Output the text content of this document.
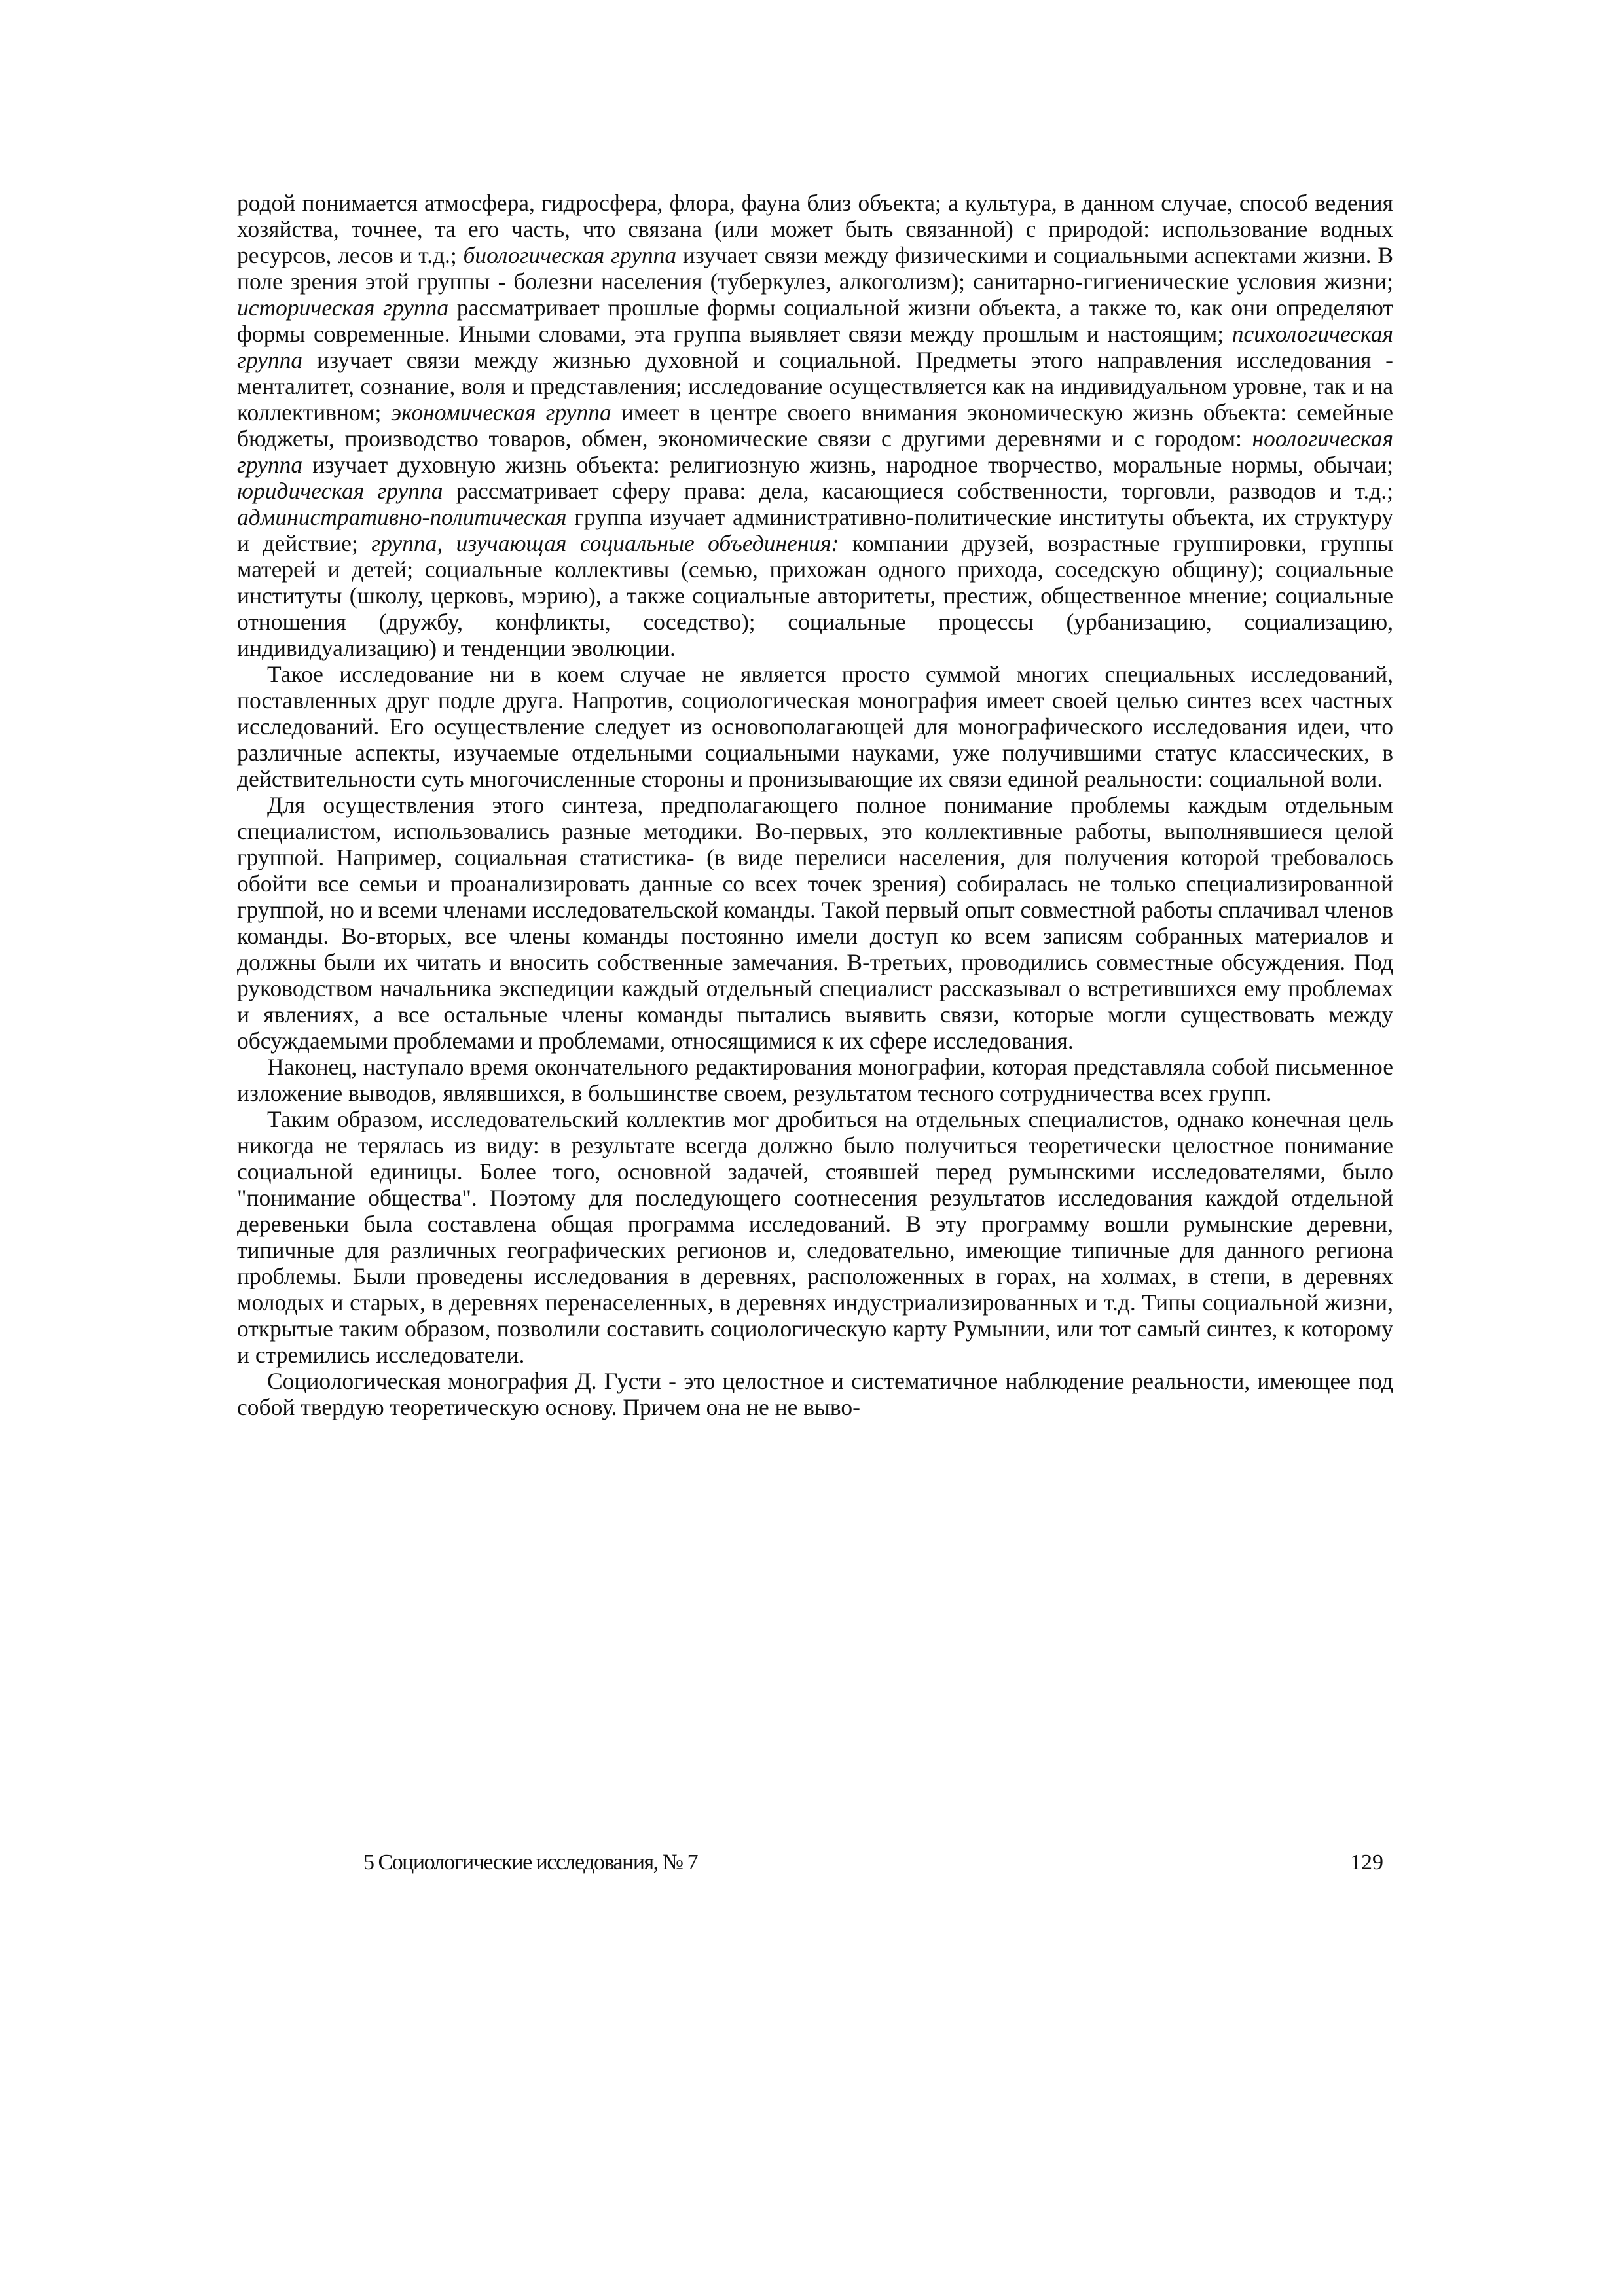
родой понимается атмосфера, гидросфера, флора, фауна близ объекта; а культура, в данном случае, способ ведения хозяйства, точнее, та его часть, что связана (или может быть связанной) с природой: использование водных ресурсов, лесов и т.д.; биологическая группа изучает связи между физическими и социальными аспектами жизни. В поле зрения этой группы - болезни населения (туберкулез, алкоголизм); санитарно-гигиенические условия жизни; историческая группа рассматривает прошлые формы социальной жизни объекта, а также то, как они определяют формы современные. Иными словами, эта группа выявляет связи между прошлым и настоящим; психологическая группа изучает связи между жизнью духовной и социальной. Предметы этого направления исследования - менталитет, сознание, воля и представления; исследование осуществляется как на индивидуальном уровне, так и на коллективном; экономическая группа имеет в центре своего внимания экономическую жизнь объекта: семейные бюджеты, производство товаров, обмен, экономические связи с другими деревнями и с городом: ноологическая группа изучает духовную жизнь объекта: религиозную жизнь, народное творчество, моральные нормы, обычаи; юридическая группа рассматривает сферу права: дела, касающиеся собственности, торговли, разводов и т.д.; административно-политическая группа изучает административно-политические институты объекта, их структуру и действие; группа, изучающая социальные объединения: компании друзей, возрастные группировки, группы матерей и детей; социальные коллективы (семью, прихожан одного прихода, соседскую общину); социальные институты (школу, церковь, мэрию), а также социальные авторитеты, престиж, общественное мнение; социальные отношения (дружбу, конфликты, соседство); социальные процессы (урбанизацию, социализацию, индивидуализацию) и тенденции эволюции.

Такое исследование ни в коем случае не является просто суммой многих специальных исследований, поставленных друг подле друга. Напротив, социологическая монография имеет своей целью синтез всех частных исследований. Его осуществление следует из основополагающей для монографического исследования идеи, что различные аспекты, изучаемые отдельными социальными науками, уже получившими статус классических, в действительности суть многочисленные стороны и пронизывающие их связи единой реальности: социальной воли.

Для осуществления этого синтеза, предполагающего полное понимание проблемы каждым отдельным специалистом, использовались разные методики. Во-первых, это коллективные работы, выполнявшиеся целой группой. Например, социальная статистика- (в виде перелиси населения, для получения которой требовалось обойти все семьи и проанализировать данные со всех точек зрения) собиралась не только специализированной группой, но и всеми членами исследовательской команды. Такой первый опыт совместной работы сплачивал членов команды. Во-вторых, все члены команды постоянно имели доступ ко всем записям собранных материалов и должны были их читать и вносить собственные замечания. В-третьих, проводились совместные обсуждения. Под руководством начальника экспедиции каждый отдельный специалист рассказывал о встретившихся ему проблемах и явлениях, а все остальные члены команды пытались выявить связи, которые могли существовать между обсуждаемыми проблемами и проблемами, относящимися к их сфере исследования.

Наконец, наступало время окончательного редактирования монографии, которая представляла собой письменное изложение выводов, являвшихся, в большинстве своем, результатом тесного сотрудничества всех групп.

Таким образом, исследовательский коллектив мог дробиться на отдельных специалистов, однако конечная цель никогда не терялась из виду: в результате всегда должно было получиться теоретически целостное понимание социальной единицы. Более того, основной задачей, стоявшей перед румынскими исследователями, было "понимание общества". Поэтому для последующего соотнесения результатов исследования каждой отдельной деревеньки была составлена общая программа исследований. В эту программу вошли румынские деревни, типичные для различных географических регионов и, следовательно, имеющие типичные для данного региона проблемы. Были проведены исследования в деревнях, расположенных в горах, на холмах, в степи, в деревнях молодых и старых, в деревнях перенаселенных, в деревнях индустриализированных и т.д. Типы социальной жизни, открытые таким образом, позволили составить социологическую карту Румынии, или тот самый синтез, к которому и стремились исследователи.

Социологическая монография Д. Густи - это целостное и систематичное наблюдение реальности, имеющее под собой твердую теоретическую основу. Причем она не не выво-

5 Социологические исследования, № 7	129
